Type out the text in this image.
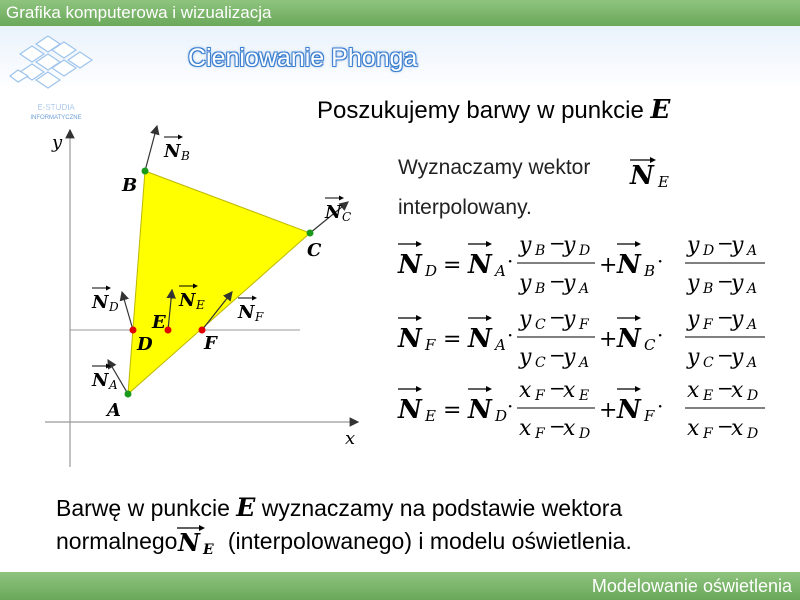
Grafika komputerowa i wizualizacja
E-STUDIA
INFORMATYCZNE
Cieniowanie Phonga
Poszukujemy barwy w punkcie E
Wyznaczamy wektor N E
interpolowany.
N D = N A ·
y B −
y D
y B −
y A
+ N B ·
y D −
y A
y B −
y A
N F = N A ·
y C −
y F
y C −
y A
+ N C ·
y F −
y A
y C −
y A
N E = N D ·
x F −
x E
x F −
x D
+ N F ·
x E −
x D
x F −
x D
y
x
B
C
A
D
E
F
N B
N C
N D	N E N F
N A
Barwę w punkcie E wyznaczamy na podstawie wektora
normalnego N E (interpolowanego) i modelu oświetlenia.
Modelowanie oświetlenia
